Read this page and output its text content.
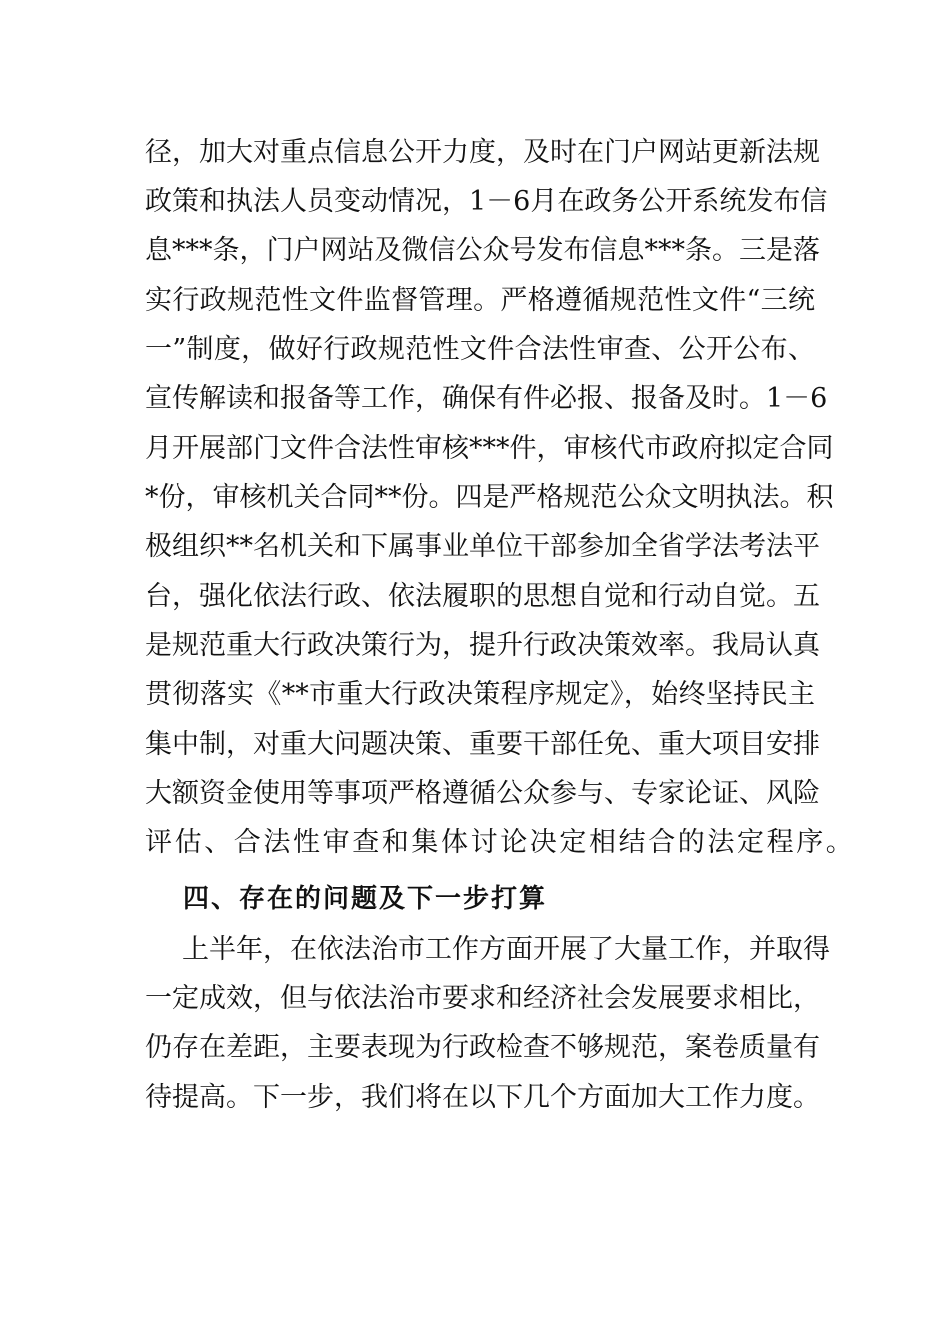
径，加大对重点信息公开力度，及时在门户网站更新法规
政策和执法人员变动情况，1－6月在政务公开系统发布信
息***条，门户网站及微信公众号发布信息***条。三是落
实行政规范性文件监督管理。严格遵循规范性文件“三统
一”制度，做好行政规范性文件合法性审查、公开公布、
宣传解读和报备等工作，确保有件必报、报备及时。1－6
月开展部门文件合法性审核***件，审核代市政府拟定合同
*份，审核机关合同**份。四是严格规范公众文明执法。积
极组织**名机关和下属事业单位干部参加全省学法考法平
台，强化依法行政、依法履职的思想自觉和行动自觉。五
是规范重大行政决策行为，提升行政决策效率。我局认真
贯彻落实《**市重大行政决策程序规定》，始终坚持民主
集中制，对重大问题决策、重要干部任免、重大项目安排
大额资金使用等事项严格遵循公众参与、专家论证、风险
评估、合法性审查和集体讨论决定相结合的法定程序。
四、存在的问题及下一步打算
上半年，在依法治市工作方面开展了大量工作，并取得
一定成效，但与依法治市要求和经济社会发展要求相比，
仍存在差距，主要表现为行政检查不够规范，案卷质量有
待提高。下一步，我们将在以下几个方面加大工作力度。
